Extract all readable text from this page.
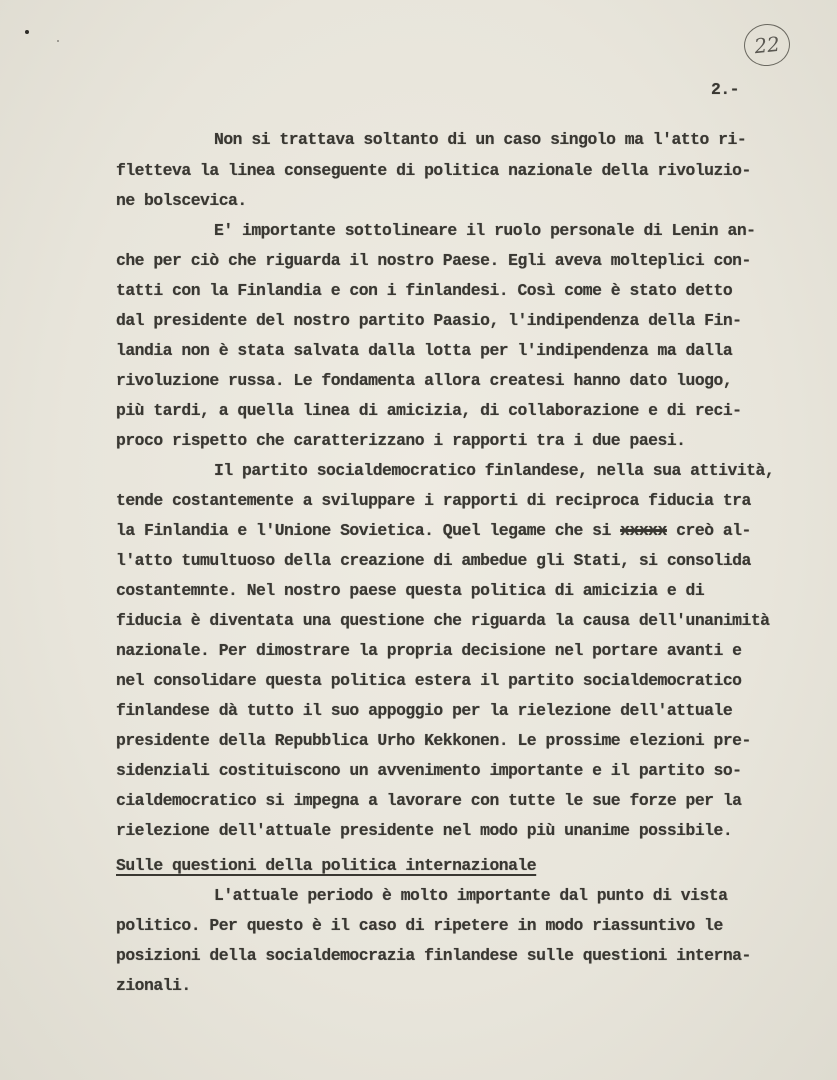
22
2.-
Non si trattava soltanto di un caso singolo ma l'atto ri-
fletteva la linea conseguente di politica nazionale della rivoluzio-
ne bolscevica.
E' importante sottolineare il ruolo personale di Lenin an-
che per ciò che riguarda il nostro Paese. Egli aveva molteplici con-
tatti con la Finlandia e con i finlandesi. Così come è stato detto
dal presidente del nostro partito Paasio, l'indipendenza della Fin-
landia non è stata salvata dalla lotta per l'indipendenza ma dalla
rivoluzione russa. Le fondamenta allora createsi hanno dato luogo,
più tardi, a quella linea di amicizia, di collaborazione e di reci-
proco rispetto che caratterizzano i rapporti tra i due paesi.
Il partito socialdemocratico finlandese, nella sua attività,
tende costantemente a sviluppare i rapporti di reciproca fiducia tra
la Finlandia e l'Unione Sovietica. Quel legame che si xxxxx creò al-
l'atto tumultuoso della creazione di ambedue gli Stati, si consolida
costantemnte. Nel nostro paese questa politica di amicizia e di
fiducia è diventata una questione che riguarda la causa dell'unanimità
nazionale. Per dimostrare la propria decisione nel portare avanti e
nel consolidare questa politica estera il partito socialdemocratico
finlandese dà tutto il suo appoggio per la rielezione dell'attuale
presidente della Repubblica Urho Kekkonen. Le prossime elezioni pre-
sidenziali costituiscono un avvenimento importante e il partito so-
cialdemocratico si impegna a lavorare con tutte le sue forze per la
rielezione dell'attuale presidente nel modo più unanime possibile.
Sulle questioni della politica internazionale
L'attuale periodo è molto importante dal punto di vista
politico. Per questo è il caso di ripetere in modo riassuntivo le
posizioni della socialdemocrazia finlandese sulle questioni interna-
zionali.
